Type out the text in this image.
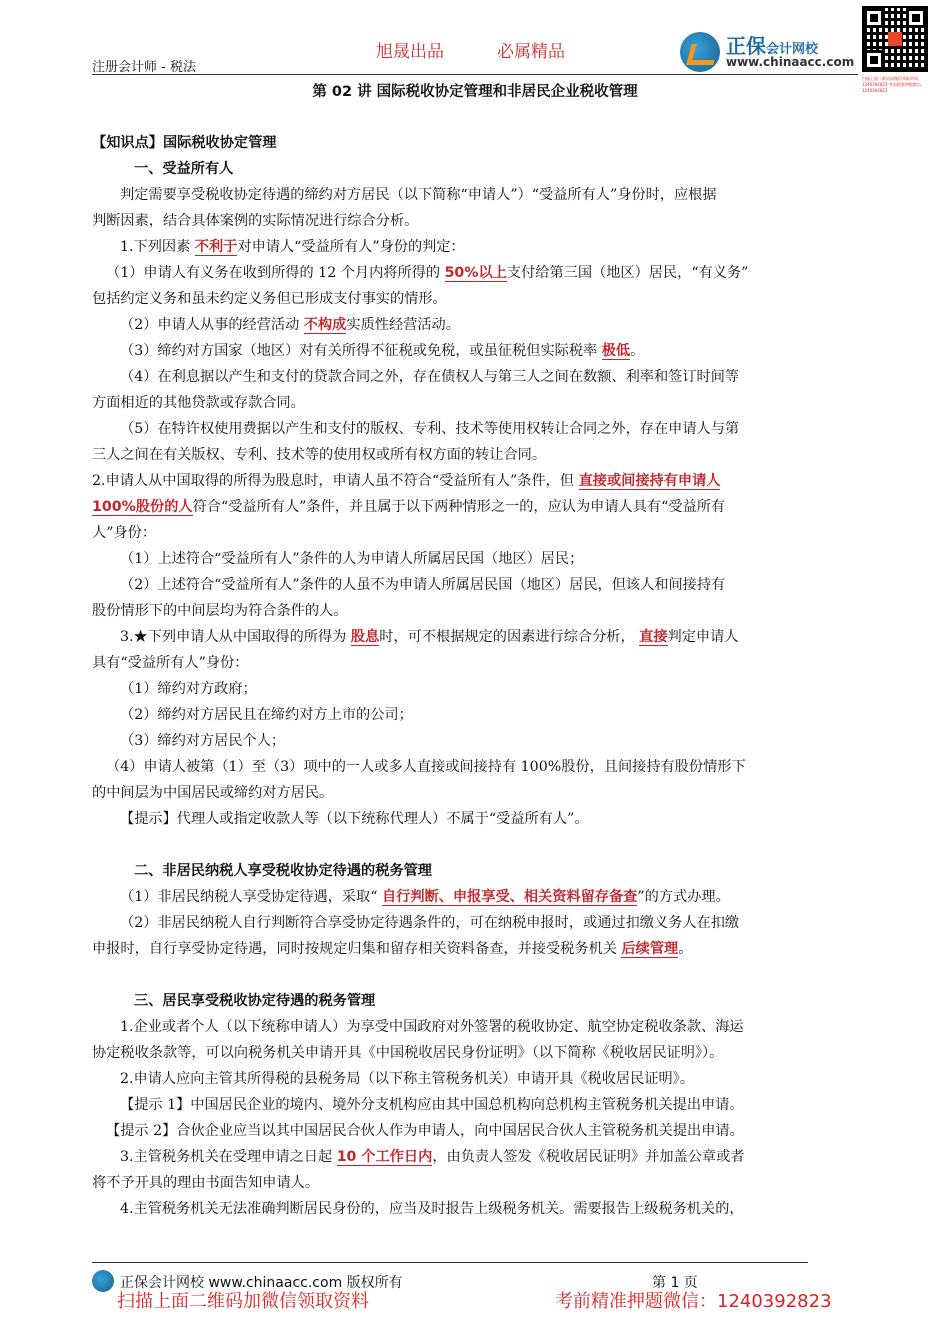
注册会计师 - 税法
旭晟出品	必属精品	正保会计网校
www.chinaacc.com
扫描上面二维码加微信领取资料，1240392823 考前精准押题微信，1240392823
第 02 讲 国际税收协定管理和非居民企业税收管理

【知识点】国际税收协定管理

一、受益所有人

判定需要享受税收协定待遇的缔约对方居民（以下简称“申请人”）“受益所有人”身份时，应根据

判断因素，结合具体案例的实际情况进行综合分析。

1.下列因素 不利于对申请人“受益所有人”身份的判定：

（1）申请人有义务在收到所得的 12 个月内将所得的 50%以上支付给第三国（地区）居民，“有义务”

包括约定义务和虽未约定义务但已形成支付事实的情形。

（2）申请人从事的经营活动 不构成实质性经营活动。

（3）缔约对方国家（地区）对有关所得不征税或免税，或虽征税但实际税率 极低。

（4）在利息据以产生和支付的贷款合同之外，存在债权人与第三人之间在数额、利率和签订时间等

方面相近的其他贷款或存款合同。

（5）在特许权使用费据以产生和支付的版权、专利、技术等使用权转让合同之外，存在申请人与第

三人之间在有关版权、专利、技术等的使用权或所有权方面的转让合同。

2.申请人从中国取得的所得为股息时，申请人虽不符合“受益所有人”条件，但 直接或间接持有申请人

100%股份的人符合“受益所有人”条件，并且属于以下两种情形之一的，应认为申请人具有“受益所有

人”身份：

（1）上述符合“受益所有人”条件的人为申请人所属居民国（地区）居民；

（2）上述符合“受益所有人”条件的人虽不为申请人所属居民国（地区）居民，但该人和间接持有

股份情形下的中间层均为符合条件的人。

3.★下列申请人从中国取得的所得为 股息时，可不根据规定的因素进行综合分析， 直接判定申请人

具有“受益所有人”身份：

（1）缔约对方政府；

（2）缔约对方居民且在缔约对方上市的公司；

（3）缔约对方居民个人；

（4）申请人被第（1）至（3）项中的一人或多人直接或间接持有 100%股份，且间接持有股份情形下

的中间层为中国居民或缔约对方居民。

【提示】代理人或指定收款人等（以下统称代理人）不属于“受益所有人”。

二、非居民纳税人享受税收协定待遇的税务管理

（1）非居民纳税人享受协定待遇，采取“ 自行判断、申报享受、相关资料留存备查”的方式办理。

（2）非居民纳税人自行判断符合享受协定待遇条件的，可在纳税申报时，或通过扣缴义务人在扣缴

申报时，自行享受协定待遇，同时按规定归集和留存相关资料备查，并接受税务机关 后续管理。

三、居民享受税收协定待遇的税务管理

1.企业或者个人（以下统称申请人）为享受中国政府对外签署的税收协定、航空协定税收条款、海运

协定税收条款等，可以向税务机关申请开具《中国税收居民身份证明》（以下简称《税收居民证明》）。

2.申请人应向主管其所得税的县税务局（以下称主管税务机关）申请开具《税收居民证明》。

【提示 1】中国居民企业的境内、境外分支机构应由其中国总机构向总机构主管税务机关提出申请。

【提示 2】合伙企业应当以其中国居民合伙人作为申请人，向中国居民合伙人主管税务机关提出申请。

3.主管税务机关在受理申请之日起 10 个工作日内，由负责人签发《税收居民证明》并加盖公章或者

将不予开具的理由书面告知申请人。

4.主管税务机关无法准确判断居民身份的，应当及时报告上级税务机关。需要报告上级税务机关的，

正保会计网校 www.chinaacc.com 版权所有	第 1 页
扫描上面二维码加微信领取资料	考前精准押题微信：1240392823
